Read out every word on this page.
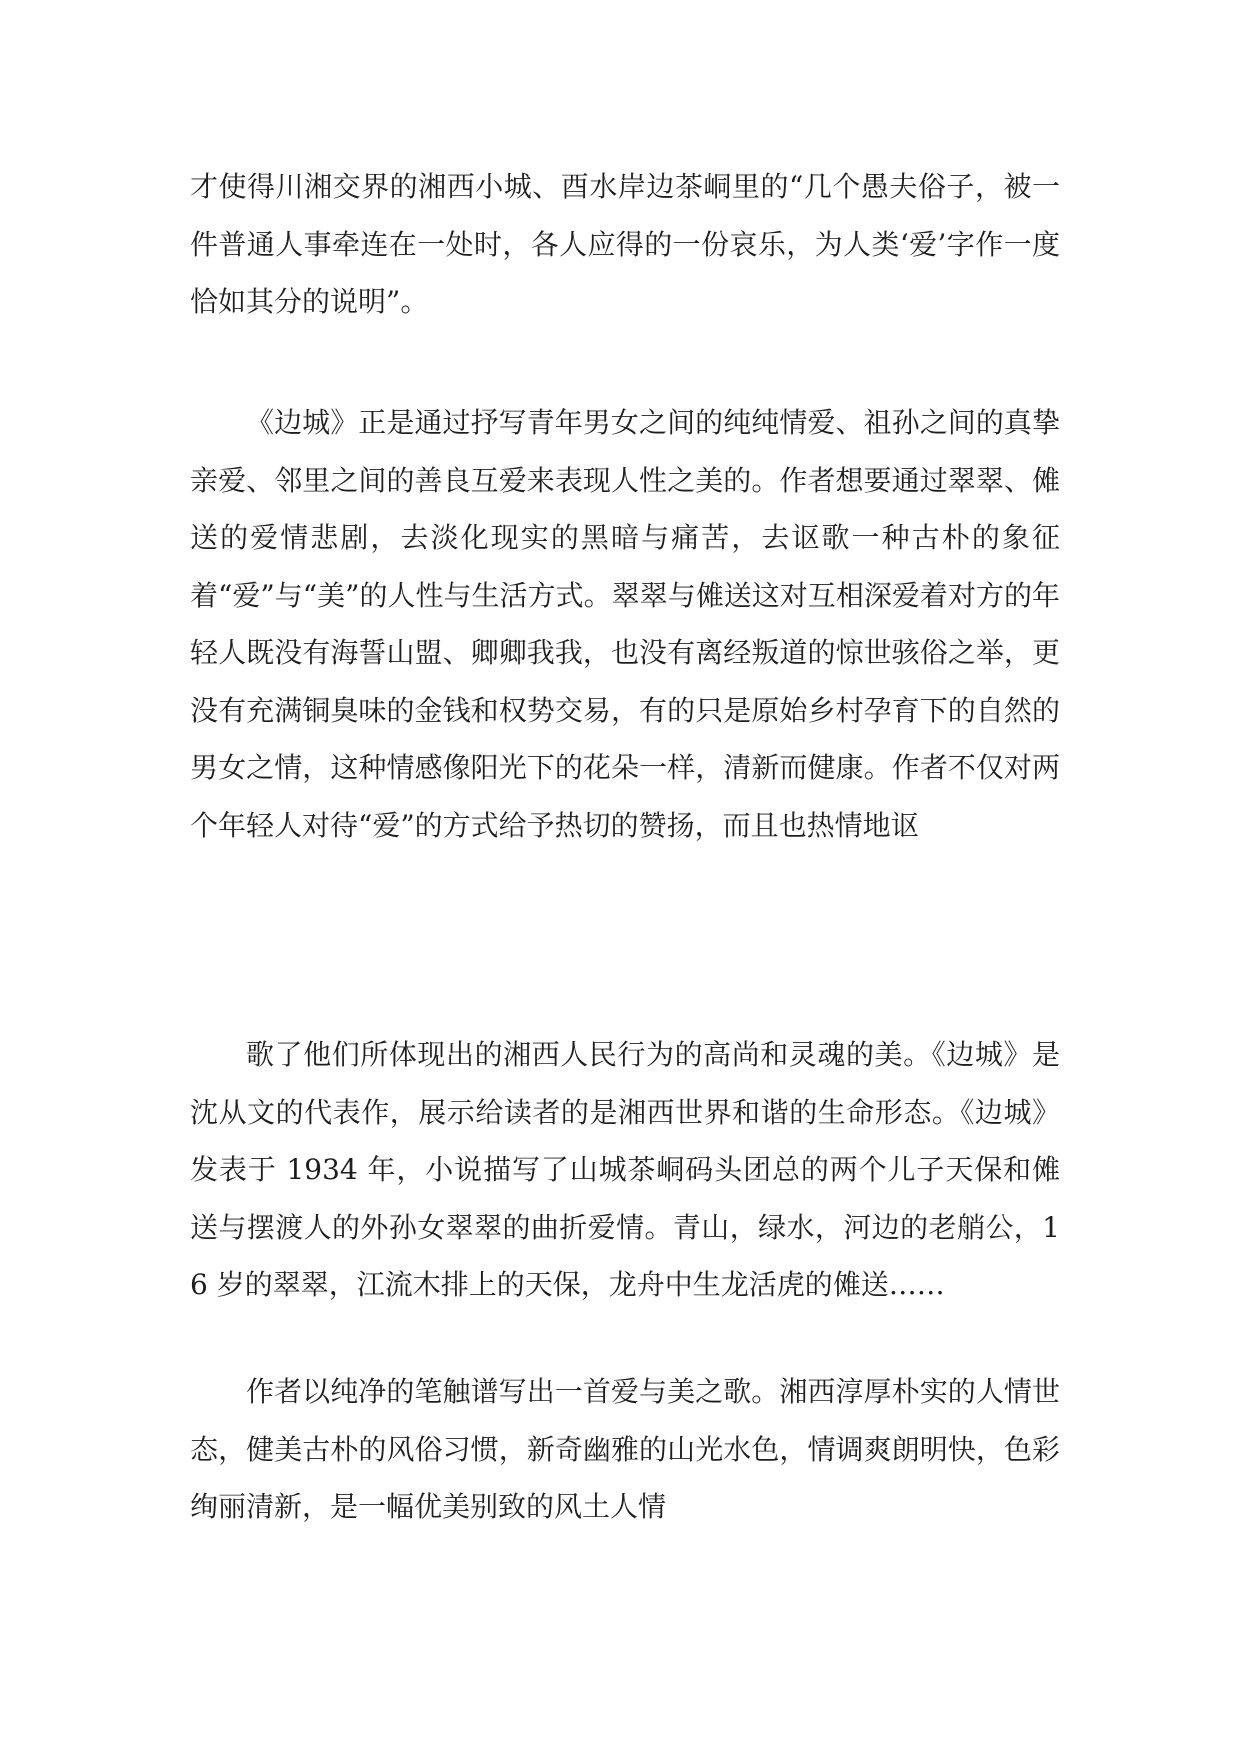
才使得川湘交界的湘西小城、酉水岸边茶峒里的“几个愚夫俗子，被一件普通人事牵连在一处时，各人应得的一份哀乐，为人类‘爱’字作一度恰如其分的说明”。

《边城》正是通过抒写青年男女之间的纯纯情爱、祖孙之间的真挚亲爱、邻里之间的善良互爱来表现人性之美的。作者想要通过翠翠、傩送的爱情悲剧，去淡化现实的黑暗与痛苦，去讴歌一种古朴的象征着“爱”与“美”的人性与生活方式。翠翠与傩送这对互相深爱着对方的年轻人既没有海誓山盟、卿卿我我，也没有离经叛道的惊世骇俗之举，更没有充满铜臭味的金钱和权势交易，有的只是原始乡村孕育下的自然的男女之情，这种情感像阳光下的花朵一样，清新而健康。作者不仅对两个年轻人对待“爱”的方式给予热切的赞扬，而且也热情地讴

歌了他们所体现出的湘西人民行为的高尚和灵魂的美。《边城》是沈从文的代表作，展示给读者的是湘西世界和谐的生命形态。《边城》发表于 1934 年，小说描写了山城茶峒码头团总的两个儿子天保和傩送与摆渡人的外孙女翠翠的曲折爱情。青山，绿水，河边的老艄公，16 岁的翠翠，江流木排上的天保，龙舟中生龙活虎的傩送……

作者以纯净的笔触谱写出一首爱与美之歌。湘西淳厚朴实的人情世态，健美古朴的风俗习惯，新奇幽雅的山光水色，情调爽朗明快，色彩绚丽清新，是一幅优美别致的风土人情
